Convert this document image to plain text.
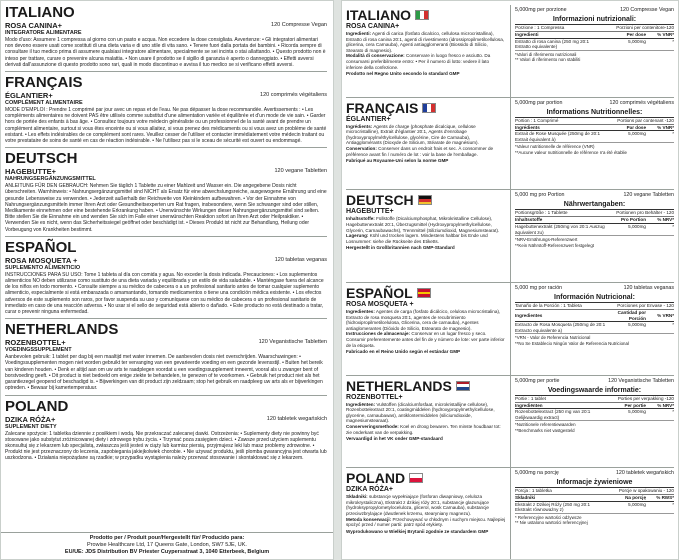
ITALIANO
ROSA CANINA+	120 Compresse Vegan
INTEGRATORE ALIMENTARE
Modo d'uso: Assumere 1 compressa al giorno con un pasto e acqua. Non eccedere la dose consigliata. Avvertenze: • Gli integratori alimentari non devono essere usati come sostituti di una dieta varia e di uno stile di vita sano. • Tenere fuori dalla portata dei bambini. • Ricorda sempre di consultare il tuo medico prima di assumere qualsiasi integratore alimentare, specialmente se sei incinta o stai allattando. • Questo prodotto non è inteso per trattare, curare o prevenire alcuna malattia. • Non usare il prodotto se il sigillo di garanzia è aperto o danneggiato. • Effetti avversi derivati dall'assunzione di questo prodotto sono rari, quali in modo discontinuo e avvisa il tuo medico se si verificano effetti avversi.
FRANÇAIS
ÉGLANTIER+	120 comprimés végétaliens
COMPLÉMENT ALIMENTAIRE
MODE D'EMPLOI : Prendre 1 comprimé par jour avec un repas et de l'eau. Ne pas dépasser la dose recommandée. Avertissements : • Les compléments alimentaires ne doivent PAS être utilisés comme substitut d'une alimentation variée et équilibrée et d'un mode de vie sain. • Garder hors de portée des enfants à bas âge. • Consultez toujours votre médecin généraliste ou un professionnel de la santé avant de prendre un complément alimentaire, surtout si vous êtes enceinte ou si vous allaitez, si vous prenez des médicaments ou si vous avez un problème de santé existant. • Les effets indésirables de ce complément sont rares. Veuillez cesser de l'utiliser et contacter immédiatement votre médecin traitant ou votre prestataire de soins de santé en cas de réaction indésirable. • Ne l'utilisez pas si le sceau de sécurité est ouvert ou endommagé.
DEUTSCH
HAGEBUTTE+	120 vegane Tabletten
NAHRUNGSERGÄNZUNGSMITTEL
ANLEITUNG FÜR DEN GEBRAUCH: Nehmen Sie täglich 1 Tablette zu einer Mahlzeit und Wasser ein. Die angegebene Dosis nicht überschreiten. Warnhinweis: • Nahrungsergänzungsmittel sind NICHT als Ersatz für eine abwechslungsreiche, ausgewogene Ernährung und eine gesunde Lebensweise zu verwenden. • Jederzeit außerhalb der Reichweite von Kleinkindern aufbewahren. • Vor der Einnahme von Nahrungsergänzungsmitteln immer Ihren Arzt oder Gesundheitsexperten um Rat fragen, insbesondere, wenn Sie schwanger sind oder stillen, Medikamente einnehmen oder eine bestehende Erkrankung haben. • Unerwünschte Wirkungen dieser Nahrungsergänzungsmittel sind selten. Bitte stellen Sie die Einnahme ein und wenden Sie sich im Falle einer unerwünschten Reaktion sofort an Ihren Arzt oder Heilpraktiker. • Verwenden Sie es nicht, wenn das Sicherheitssiegel geöffnet oder beschädigt ist. • Dieses Produkt ist nicht zur Behandlung, Heilung oder Vorbeugung von Krankheiten bestimmt.
ESPAÑOL
ROSA MOSQUETA +	120 tabletas veganas
SUPLEMENTO ALIMENTICIO
INSTRUCCIONES PARA SU USO: Tome 1 tableta al día con comida y agua. No exceder la dosis indicada. Precauciones: • Los suplementos alimenticios NO deben utilizarse como sustituto de una dieta variada y equilibrada y un estilo de vida saludable. • Manténgase fuera del alcance de los niños en todo momento. • Consulte siempre a su médico de cabecera o a un profesional sanitario antes de tomar cualquier suplemento alimenticio, especialmente si está embarazada o amamantando, tomando medicamentos o tiene una condición médica existente. • Los efectos adversos de este suplemento son raros, por favor suspenda su uso y comuníquese con su médico de cabecera o un profesional sanitario de inmediato en caso de una reacción adversa. • No usar si el sello de seguridad está abierto o dañado. • Este producto no está destinado a tratar, curar o prevenir ninguna enfermedad.
NETHERLANDS
ROZENBOTTEL+	120 Veganistische Tabletten
VOEDINGSSUPPLEMENT
Aanbevolen gebruik: 1 tablet per dag bij een maaltijd met water innemen. De aanbevolen dosis niet overschrijden. Waarschuwingen: • Voedingssupplementen mogen niet worden gebruikt ter vervanging van een gevarieerde voeding en een gezonde levensstijl. • Buiten het bereik van kinderen houden. • Denk er altijd aan om uw arts te raadplegen voordat u een voedingssupplement inneemt, vooral als u zwanger bent of borstvoeding geeft. • Dit product is niet bedoeld om enige ziekte te behandelen, te genezen of te voorkomen. • Gebruik het product niet als het garantiezegel geopend of beschadigd is. • Bijwerkingen van dit product zijn zeldzaam; stop het gebruik en raadpleeg uw arts als er bijwerkingen optreden. • Bewaar bij kamertemperatuur.
POLAND
DZIKA RÓŻA+	120 tabletek wegańskich
SUPLEMENT DIETY
Zalecane spożycie: 1 tabletka dziennie z posiłkiem i wodą. Nie przekraczać zalecanej dawki. Ostrzeżenia: • Suplementy diety nie powinny być stosowane jako substytut zróżnicowanej diety i zdrowego trybu życia. • Trzymać poza zasięgiem dzieci. • Zawsze przed użyciem suplementu skonsultuj się z lekarzem lub specjalistą, zwłaszcza jeśli jesteś w ciąży lub karmisz piersią, przyjmujesz leki lub masz problemy zdrowotne. • Produkt nie jest przeznaczony do leczenia, zapobiegania jakiejkolwiek chorobie. • Nie używać produktu, jeśli plomba gwarancyjna jest otwarta lub uszkodzona. • Działania niepożądane są rzadkie; w przypadku wystąpienia należy przerwać stosowanie i skontaktować się z lekarzem.
Prodotto per / Produit pour/Hergestellt für/ Producido para:
Prowise Healthcare Ltd, 17 Queens Gate, London, SW7 5JE, UK.
EU/UE: JDS Distribution BV Priester Cuypersstraat 3, 1040 Etterbeek, Belgium
ITALIANO
ROSA CANINA+
Ingredienti: Agenti di carica (fosfato dicalcico, cellulosa microcristallina), Estratto di rosa canina 20:1, agenti di rivestimento (idrossipropilmetilcellulosa, glicerina, cera Carnauba), Agenti antiagglomeranti (Biossido di Silicio, Stearato di magnesio).
Modalità di conservazione: Conservare in luogo fresco e asciutto. Da consumarsi preferibilmente entro: • Per il numero di lotto: vedere il lato inferiore della confezione.
Prodotto nel Regno Unito secondo lo standard GMP
5,000mg per porzione	120 Compresse Vegan
Informazioni nutrizionali:
Porzione : 1 Compressa	Porzioni per contenitore-120
Ingredienti	Per dose	% VNR*
Estratto di rosa canina (250 mg 20:1 Estratto equivalente)	5,000mg	*
*Valori di riferimento nutrizionali
** Valori di riferimento non stabiliti
FRANÇAIS
ÉGLANTIER+
Ingrédients: Agents de charge (phosphate dicalcique, cellulose microcristalline), Extrait d'églantier 20:1, Agents d'enrobage (hydroxypropylméthylcellulose, glycérine, Cire de Carnauba), Antiagglomérants (Dioxyde de Silicium, Stéarate de magnésium).
Conservation: Conserver dans un endroit frais et sec. À consommer de préférence avant fin / numéro de lot : voir la base de l'emballage.
Fabriqué au Royaume-Uni selon la norme GMP
5,000mg par portion	120 comprimés végétaliens
Informations Nutritionnelles:
Portion : 1 Comprimé	Portions par contenant -120
Ingrédients	Par dose	% VNR*
Extrait de Rose Musquée (250mg de 20:1 Extrait équivalent à)	5,000mg	*
*Valeur nutritionnelle de référence (VNR)
**Aucune valeur nutritionnelle de référence n'a été établie
DEUTSCH
HAGEBUTTE+
Inhaltsstoffe: Füllstoffe (Dicalciumphosphat, Mikrokristalline Cellulose), Hagebuttenextrakt 20:1, Überzugsmittel (Hydroxypropylmethylcellulose, Glycerin, Carnaubawachs), Trennmittel (Siliziumdioxid, Magnesiumstearat).
Lagerung: Kühl und trocken lagern. Mindestens haltbar bis Ende und Losnummer: siehe die Rückseite des Etiketts.
Hergestellt in Großbritannien nach GMP-Standard
5,000 mg pro Portion	120 vegane Tabletten
Nährwertangaben:
Portionsgröße : 1 Tablette	Portionen pro Behälter - 120
Inhaltsstoffe	Pro Portion	% NRV*
Hagebuttenextrakt (250mg von 20:1 Auszug äquivalent zu)	5,000mg	*
*NRV-Ernährungs-Referenzwert
**Kein Nährstoff-Referenzwert festgelegt
ESPAÑOL
ROSA MOSQUETA +
Ingredientes: Agentes de carga (fosfato dicálcico, celulosa microcristalina), Extracto de rosa mosqueta 20:1, agentes de recubrimiento (hidroxipropilmetilcelulosa, Glicerina, cera de carnauba), Agentes antiaglomerantes (Dióxido de Silicio, Estearato de magnesio).
Instrucciones de almacenaje: Conservar en un lugar fresco y seco. Consumir preferentemente antes del fin de y número de lote: ver parte inferior de la etiqueta.
Fabricado en el Reino Unido según el estándar GMP
5,000 mg por ración	120 tabletas veganas
Información Nutricional:
Tamaño de la Porción : 1 Tableta	Porciones por Envase - 120
Ingredientes	Cantidad por Porción	% VRN*
Extracto de Rosa Mosqueta (250mg de 20:1 Extracto equivalente a)	5,000mg	*
*VRN - Valor de Referencia Nutricional
**No Se Establecio Ningún Valor de Referencia Nutricional
NETHERLANDS
ROZENBOTTEL+
Ingrediënten: Vulstoffen (dicalciumfosfaat, microkristallijne cellulose), Rozenbottelextract 20:1, coatingmiddelen (hydroxypropylmethylcellulose, glycerine, carnaubawas), antiklontermiddelen (siliciumdioxide, magnesiumstearaat).
Conserveringsmethode: Koel en droog bewaren. Ten minste houdbaar tot: zie onderkant van de verpakking.
Vervaardigd in het VK onder GMP-standaard
5,000mg per portie	120 Veganistische Tabletten
Voedingswaarde informatie:
Portie : 1 tablet	Porties per verpakking -120
Ingrediënten	Per portie	% NRV*
Rozenbottelextract (250 mg van 20:1 Gelijkwaardig extract)	5,000mg	*
*Nutritionele referentiewaarden
**Benchmarks niet vastgesteld
POLAND
DZIKA RÓŻA+
Składniki: substancje wypełniające (fosforan diwapniowy, celuloza mikrokrystaliczna), Ekstrakt z dzikiej róży 20:1, substancje glazurujące (hydroksypropylometyloceluloza, glicerol, wosk Carnauba), substancje przeciwzbrylające (dwutlenek krzemu, stearyniany magnezu).
Metoda konserwacji: Przechowywać w chłodnym i suchym miejscu. Najlepiej spożyć przed / numer partii: patrz spód etykiety.
Wyprodukowano w Wielkiej Brytanii zgodnie ze standardem GMP
5,000mg na porcję	120 tabletek wegańskich
Informacje żywieniowe
Porcja : 1 tabletka	Porcje w opakowaniu - 120
Składniki	Na porcję	% RWS*
Ekstrakt z Dzikiej Róży (250 mg 20:1 Ekstrakt równoważny z)	5,000mg	*
* Referencyjne wartości odżywcze
** Nie ustalono wartości referencyjnej
